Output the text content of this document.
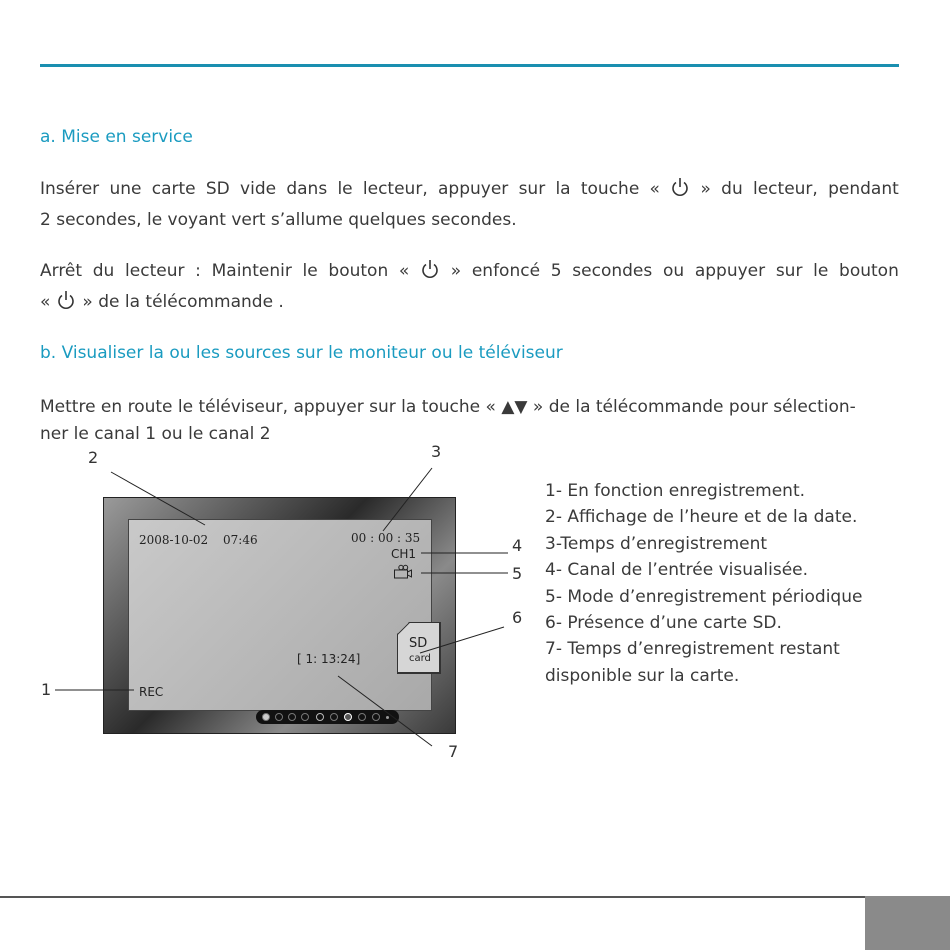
a. Mise en service
Insérer une carte SD vide dans le lecteur, appuyer sur la touche « » du lecteur, pendant
2 secondes, le voyant vert s’allume quelques secondes.
Arrêt du lecteur : Maintenir le bouton « » enfoncé 5 secondes ou appuyer sur le bouton
« » de la télécommande .
b. Visualiser la ou les sources sur le moniteur ou le téléviseur
Mettre en route le téléviseur, appuyer sur la touche « ▲▼ » de la télécommande pour sélection-
ner le canal 1 ou le canal 2
2008-10-02 07:46	00 : 00 : 35
CH1
SD
card
[ 1: 13:24]
REC
1
2	3
4
5
6
7
1- En fonction enregistrement.
2- Affichage de l’heure et de la date.
3-Temps d’enregistrement
4- Canal de l’entrée visualisée.
5- Mode d’enregistrement périodique
6- Présence d’une carte SD.
7- Temps d’enregistrement restant
disponible sur la carte.
